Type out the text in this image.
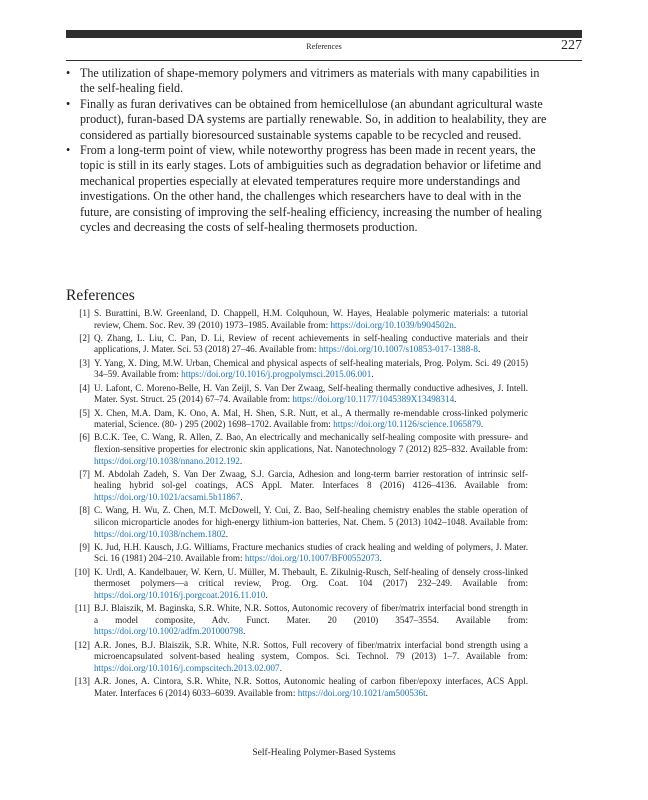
References	227
• The utilization of shape-memory polymers and vitrimers as materials with many capabilities in the self-healing field.
• Finally as furan derivatives can be obtained from hemicellulose (an abundant agricultural waste product), furan-based DA systems are partially renewable. So, in addition to healability, they are considered as partially bioresourced sustainable systems capable to be recycled and reused.
• From a long-term point of view, while noteworthy progress has been made in recent years, the topic is still in its early stages. Lots of ambiguities such as degradation behavior or lifetime and mechanical properties especially at elevated temperatures require more understandings and investigations. On the other hand, the challenges which researchers have to deal with in the future, are consisting of improving the self-healing efficiency, increasing the number of healing cycles and decreasing the costs of self-healing thermosets production.
References
[1] S. Burattini, B.W. Greenland, D. Chappell, H.M. Colquhoun, W. Hayes, Healable polymeric materials: a tutorial review, Chem. Soc. Rev. 39 (2010) 1973–1985. Available from: https://doi.org/10.1039/b904502n.
[2] Q. Zhang, L. Liu, C. Pan, D. Li, Review of recent achievements in self-healing conductive materials and their applications, J. Mater. Sci. 53 (2018) 27–46. Available from: https://doi.org/10.1007/s10853-017-1388-8.
[3] Y. Yang, X. Ding, M.W. Urban, Chemical and physical aspects of self-healing materials, Prog. Polym. Sci. 49 (2015) 34–59. Available from: https://doi.org/10.1016/j.progpolymsci.2015.06.001.
[4] U. Lafont, C. Moreno-Belle, H. Van Zeijl, S. Van Der Zwaag, Self-healing thermally conductive adhesives, J. Intell. Mater. Syst. Struct. 25 (2014) 67–74. Available from: https://doi.org/10.1177/1045389X13498314.
[5] X. Chen, M.A. Dam, K. Ono, A. Mal, H. Shen, S.R. Nutt, et al., A thermally re-mendable cross-linked polymeric material, Science. (80- ) 295 (2002) 1698–1702. Available from: https://doi.org/10.1126/science.1065879.
[6] B.C.K. Tee, C. Wang, R. Allen, Z. Bao, An electrically and mechanically self-healing composite with pressure- and flexion-sensitive properties for electronic skin applications, Nat. Nanotechnology 7 (2012) 825–832. Available from: https://doi.org/10.1038/nnano.2012.192.
[7] M. Abdolah Zadeh, S. Van Der Zwaag, S.J. Garcia, Adhesion and long-term barrier restoration of intrinsic self-healing hybrid sol-gel coatings, ACS Appl. Mater. Interfaces 8 (2016) 4126–4136. Available from: https://doi.org/10.1021/acsami.5b11867.
[8] C. Wang, H. Wu, Z. Chen, M.T. McDowell, Y. Cui, Z. Bao, Self-healing chemistry enables the stable operation of silicon microparticle anodes for high-energy lithium-ion batteries, Nat. Chem. 5 (2013) 1042–1048. Available from: https://doi.org/10.1038/nchem.1802.
[9] K. Jud, H.H. Kausch, J.G. Williams, Fracture mechanics studies of crack healing and welding of polymers, J. Mater. Sci. 16 (1981) 204–210. Available from: https://doi.org/10.1007/BF00552073.
[10] K. Urdl, A. Kandelbauer, W. Kern, U. Müller, M. Thebault, E. Zikulnig-Rusch, Self-healing of densely cross-linked thermoset polymers—a critical review, Prog. Org. Coat. 104 (2017) 232–249. Available from: https://doi.org/10.1016/j.porgcoat.2016.11.010.
[11] B.J. Blaiszik, M. Baginska, S.R. White, N.R. Sottos, Autonomic recovery of fiber/matrix interfacial bond strength in a model composite, Adv. Funct. Mater. 20 (2010) 3547–3554. Available from: https://doi.org/10.1002/adfm.201000798.
[12] A.R. Jones, B.J. Blaiszik, S.R. White, N.R. Sottos, Full recovery of fiber/matrix interfacial bond strength using a microencapsulated solvent-based healing system, Compos. Sci. Technol. 79 (2013) 1–7. Available from: https://doi.org/10.1016/j.compscitech.2013.02.007.
[13] A.R. Jones, A. Cintora, S.R. White, N.R. Sottos, Autonomic healing of carbon fiber/epoxy interfaces, ACS Appl. Mater. Interfaces 6 (2014) 6033–6039. Available from: https://doi.org/10.1021/am500536t.
Self-Healing Polymer-Based Systems
